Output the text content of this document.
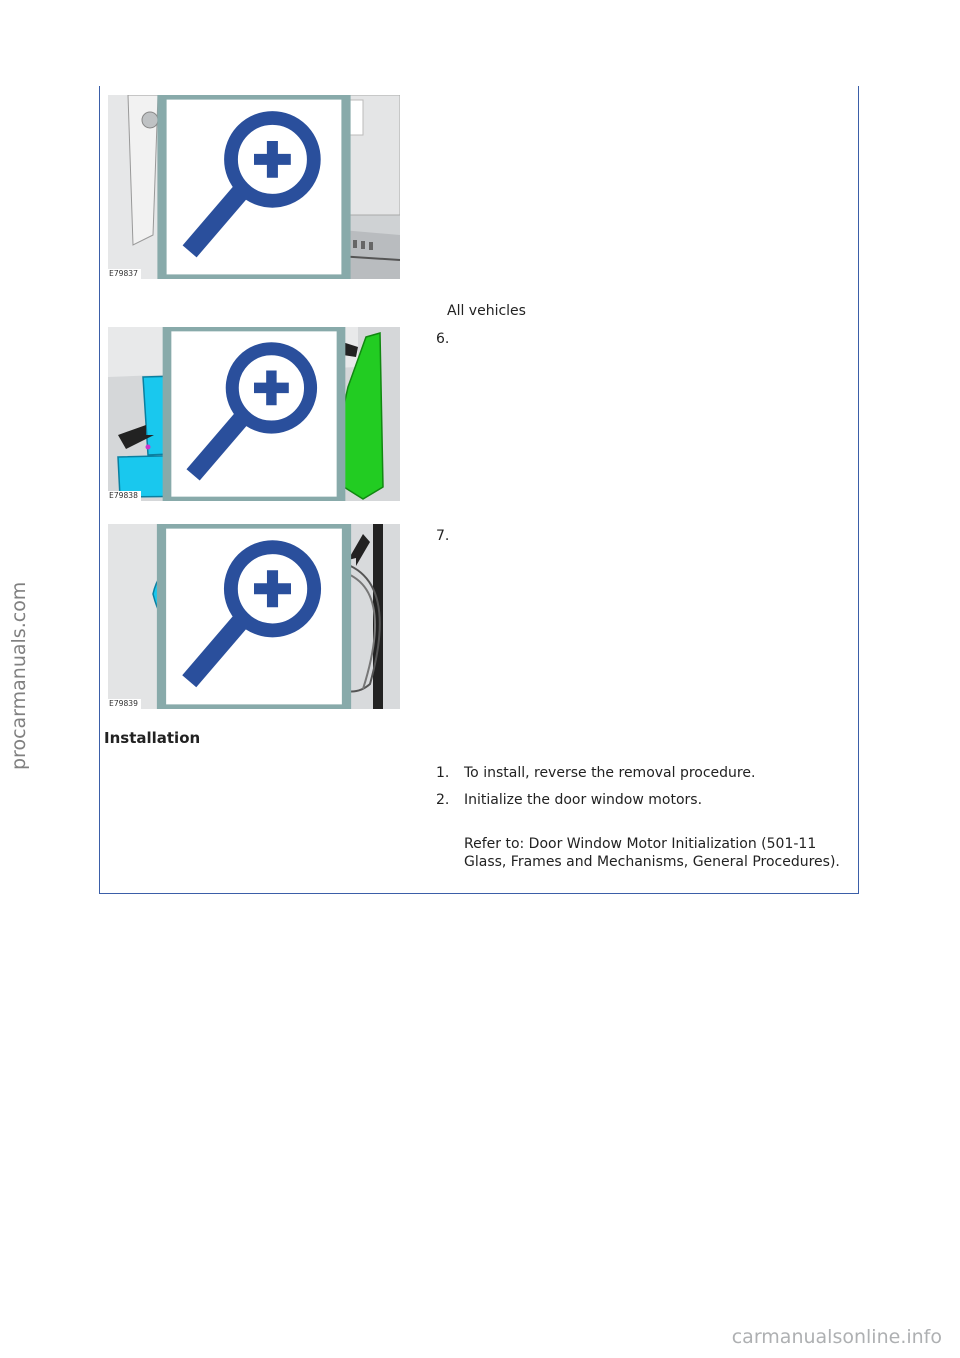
E79837
All vehicles
E79838
6.
E79839
7.
Installation
1.	To install, reverse the removal procedure.
2.	Initialize the door window motors.
Refer to: Door Window Motor Initialization (501-11 Glass, Frames and Mechanisms, General Procedures).
procarmanuals.com
carmanualsonline.info
